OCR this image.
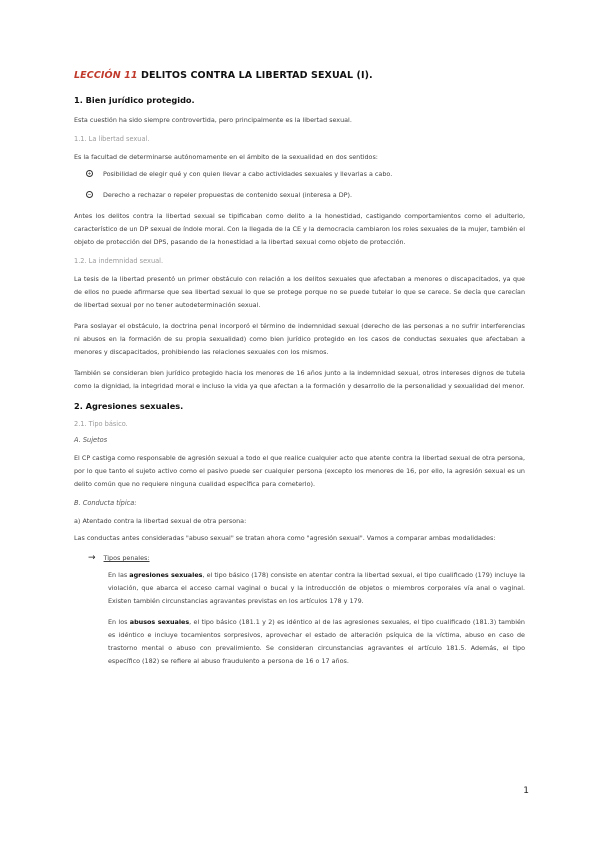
LECCIÓN 11 DELITOS CONTRA LA LIBERTAD SEXUAL (I).
1. Bien jurídico protegido.

Esta cuestión ha sido siempre controvertida, pero principalmente es la libertad sexual.

1.1. La libertad sexual.

Es la facultad de determinarse autónomamente en el ámbito de la sexualidad en dos sentidos:

+ Posibilidad de elegir qué y con quien llevar a cabo actividades sexuales y llevarlas a cabo.
− Derecho a rechazar o repeler propuestas de contenido sexual (interesa a DP).

Antes los delitos contra la libertad sexual se tipificaban como delito a la honestidad, castigando comportamientos como el adulterio, característico de un DP sexual de índole moral. Con la llegada de la CE y la democracia cambiaron los roles sexuales de la mujer, también el objeto de protección del DPS, pasando de la honestidad a la libertad sexual como objeto de protección.

1.2. La indemnidad sexual.

La tesis de la libertad presentó un primer obstáculo con relación a los delitos sexuales que afectaban a menores o discapacitados, ya que de ellos no puede afirmarse que sea libertad sexual lo que se protege porque no se puede tutelar lo que se carece. Se decía que carecían de libertad sexual por no tener autodeterminación sexual.

Para soslayar el obstáculo, la doctrina penal incorporó el término de indemnidad sexual (derecho de las personas a no sufrir interferencias ni abusos en la formación de su propia sexualidad) como bien jurídico protegido en los casos de conductas sexuales que afectaban a menores y discapacitados, prohibiendo las relaciones sexuales con los mismos.

También se consideran bien jurídico protegido hacia los menores de 16 años junto a la indemnidad sexual, otros intereses dignos de tutela como la dignidad, la integridad moral e incluso la vida ya que afectan a la formación y desarrollo de la personalidad y sexualidad del menor.

2. Agresiones sexuales.
2.1. Tipo básico.
A. Sujetos

El CP castiga como responsable de agresión sexual a todo el que realice cualquier acto que atente contra la libertad sexual de otra persona, por lo que tanto el sujeto activo como el pasivo puede ser cualquier persona (excepto los menores de 16, por ello, la agresión sexual es un delito común que no requiere ninguna cualidad específica para cometerlo).

B. Conducta típica:

a) Atentado contra la libertad sexual de otra persona:

Las conductas antes consideradas "abuso sexual" se tratan ahora como "agresión sexual". Vamos a comparar ambas modalidades:

→ Tipos penales:

En las agresiones sexuales, el tipo básico (178) consiste en atentar contra la libertad sexual, el tipo cualificado (179) incluye la violación, que abarca el acceso carnal vaginal o bucal y la introducción de objetos o miembros corporales vía anal o vaginal. Existen también circunstancias agravantes previstas en los artículos 178 y 179.

En los abusos sexuales, el tipo básico (181.1 y 2) es idéntico al de las agresiones sexuales, el tipo cualificado (181.3) también es idéntico e incluye tocamientos sorpresivos, aprovechar el estado de alteración psíquica de la víctima, abuso en caso de trastorno mental o abuso con prevalimiento. Se consideran circunstancias agravantes el artículo 181.5. Además, el tipo específico (182) se refiere al abuso fraudulento a persona de 16 o 17 años.

1
